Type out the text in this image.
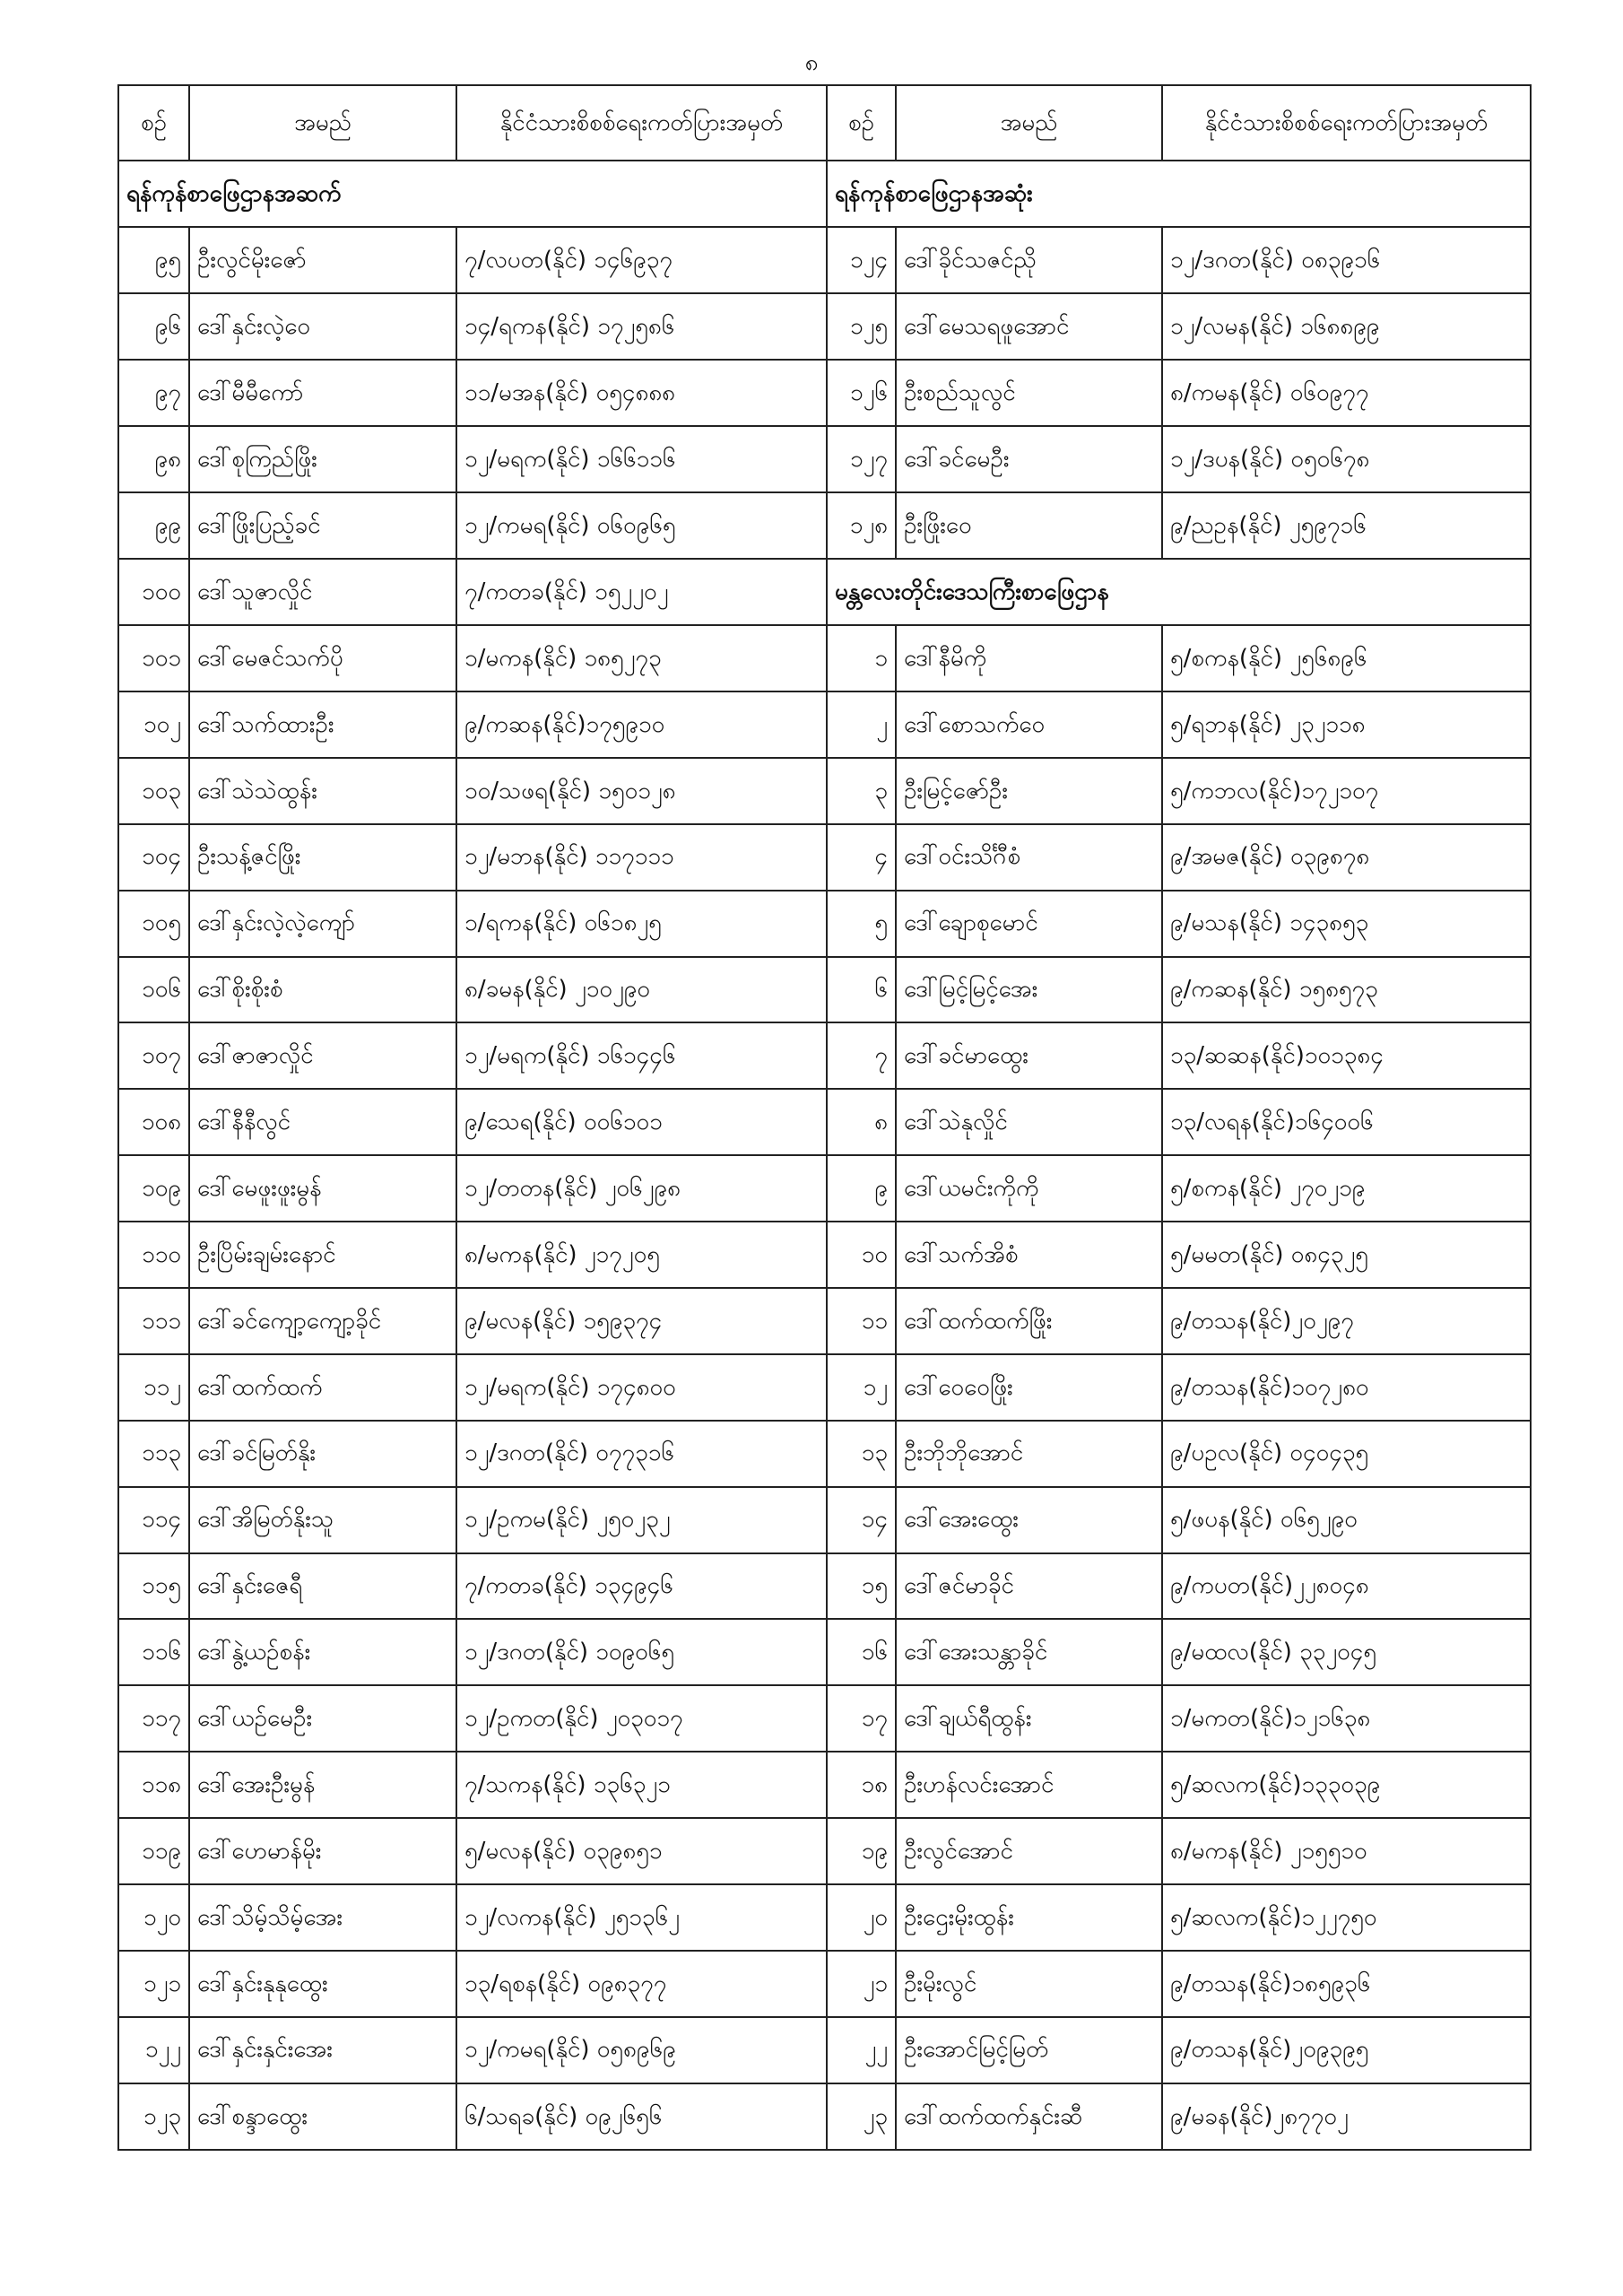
၈
စဉ်	အမည်	နိုင်ငံသားစိစစ်ရေးကတ်ပြားအမှတ်	စဉ်	အမည်	နိုင်ငံသားစိစစ်ရေးကတ်ပြားအမှတ်
ရန်ကုန်စာဖြေဌာနအဆက်			ရန်ကုန်စာဖြေဌာနအဆုံး		
၉၅	ဦးလွင်မိုးဇော်	၇/လပတ(နိုင်) ၁၄၆၉၃၇	၁၂၄	ဒေါ်ခိုင်သဇင်ညို	၁၂/ဒဂတ(နိုင်) ၀၈၃၉၁၆
၉၆	ဒေါ်နှင်းလဲ့ဝေ	၁၄/ရကန(နိုင်) ၁၇၂၅၈၆	၁၂၅	ဒေါ်မေသရဖူအောင်	၁၂/လမန(နိုင်) ၁၆၈၈၉၉
၉၇	ဒေါ်မီမီကော်	၁၁/မအန(နိုင်) ၀၅၄၈၈၈	၁၂၆	ဦးစည်သူလွင်	၈/ကမန(နိုင်) ၀၆၀၉၇၇
၉၈	ဒေါ်စုကြည်ဖြိုး	၁၂/မရက(နိုင်) ၁၆၆၁၁၆	၁၂၇	ဒေါ်ခင်မေဦး	၁၂/ဒပန(နိုင်) ၀၅၀၆၇၈
၉၉	ဒေါ်ဖြိုးပြည့်ခင်	၁၂/ကမရ(နိုင်) ၀၆၀၉၆၅	၁၂၈	ဦးဖြိုးဝေ	၉/ညဥန(နိုင်) ၂၅၉၇၁၆
၁၀၀	ဒေါ်သူဇာလှိုင်	၇/ကတခ(နိုင်) ၁၅၂၂၀၂	မန္တလေးတိုင်းဒေသကြီးစာဖြေဌာန		
၁၀၁	ဒေါ်မေဇင်သက်ပို	၁/မကန(နိုင်) ၁၈၅၂၇၃	၁	ဒေါ်နီမိကို	၅/စကန(နိုင်) ၂၅၆၈၉၆
၁၀၂	ဒေါ်သက်ထားဦး	၉/ကဆန(နိုင်)၁၇၅၉၁၀	၂	ဒေါ်စောသက်ဝေ	၅/ရဘန(နိုင်) ၂၃၂၁၁၈
၁၀၃	ဒေါ်သဲသဲထွန်း	၁၀/သဖရ(နိုင်) ၁၅၀၁၂၈	၃	ဦးမြင့်ဇော်ဦး	၅/ကဘလ(နိုင်)၁၇၂၁၀၇
၁၀၄	ဦးသန့်ဇင်ဖြိုး	၁၂/မဘန(နိုင်) ၁၁၇၁၁၁	၄	ဒေါ်ဝင်းသိင်္ဂီစံ	၉/အမဇ(နိုင်) ၀၃၉၈၇၈
၁၀၅	ဒေါ်နှင်းလဲ့လဲ့ကျော်	၁/ရကန(နိုင်) ၀၆၁၈၂၅	၅	ဒေါ်ချောစုမောင်	၉/မသန(နိုင်) ၁၄၃၈၅၃
၁၀၆	ဒေါ်စိုးစိုးစံ	၈/ခမန(နိုင်) ၂၁၀၂၉၀	၆	ဒေါ်မြင့်မြင့်အေး	၉/ကဆန(နိုင်) ၁၅၈၅၇၃
၁၀၇	ဒေါ်ဇာဇာလှိုင်	၁၂/မရက(နိုင်) ၁၆၁၄၄၆	၇	ဒေါ်ခင်မာထွေး	၁၃/ဆဆန(နိုင်)၁၀၁၃၈၄
၁၀၈	ဒေါ်နီနီလွင်	၉/သေရ(နိုင်) ၀၀၆၁၀၁	၈	ဒေါ်သဲနုလှိုင်	၁၃/လရန(နိုင်)၁၆၄၀၀၆
၁၀၉	ဒေါ်မေဖူးဖူးမွန်	၁၂/တတန(နိုင်) ၂၀၆၂၉၈	၉	ဒေါ်ယမင်းကိုကို	၅/စကန(နိုင်) ၂၇၀၂၁၉
၁၁၀	ဦးပြိမ်းချမ်းနောင်	၈/မကန(နိုင်) ၂၁၇၂၀၅	၁၀	ဒေါ်သက်အိစံ	၅/မမတ(နိုင်) ၀၈၄၃၂၅
၁၁၁	ဒေါ်ခင်ကျော့ကျော့ခိုင်	၉/မလန(နိုင်) ၁၅၉၃၇၄	၁၁	ဒေါ်ထက်ထက်ဖြိုး	၉/တသန(နိုင်)၂၀၂၉၇
၁၁၂	ဒေါ်ထက်ထက်	၁၂/မရက(နိုင်) ၁၇၄၈၀၀	၁၂	ဒေါ်ဝေဝေဖြိုး	၉/တသန(နိုင်)၁၀၇၂၈၀
၁၁၃	ဒေါ်ခင်မြတ်နိုး	၁၂/ဒဂတ(နိုင်) ၀၇၇၃၁၆	၁၃	ဦးဘိုဘိုအောင်	၉/ပဥလ(နိုင်) ၀၄၀၄၃၅
၁၁၄	ဒေါ်အိမြတ်နိုးသူ	၁၂/ဥကမ(နိုင်) ၂၅၀၂၃၂	၁၄	ဒေါ်အေးထွေး	၅/ဖပန(နိုင်) ၀၆၅၂၉၀
၁၁၅	ဒေါ်နှင်းဇေရီ	၇/ကတခ(နိုင်) ၁၃၄၉၄၆	၁၅	ဒေါ်ဇင်မာခိုင်	၉/ကပတ(နိုင်)၂၂၈၀၄၈
၁၁၆	ဒေါ်နွဲ့ယဉ်စန်း	၁၂/ဒဂတ(နိုင်) ၁၀၉၀၆၅	၁၆	ဒေါ်အေးသန္တာခိုင်	၉/မထလ(နိုင်) ၃၃၂၀၄၅
၁၁၇	ဒေါ်ယဉ်မေဦး	၁၂/ဥကတ(နိုင်) ၂၀၃၀၁၇	၁၇	ဒေါ်ချယ်ရီထွန်း	၁/မကတ(နိုင်)၁၂၁၆၃၈
၁၁၈	ဒေါ်အေးဦးမွန်	၇/သကန(နိုင်) ၁၃၆၃၂၁	၁၈	ဦးဟန်လင်းအောင်	၅/ဆလက(နိုင်)၁၃၃၀၃၉
၁၁၉	ဒေါ်ဟေမာန်မိုး	၅/မလန(နိုင်) ၀၃၉၈၅၁	၁၉	ဦးလွင်အောင်	၈/မကန(နိုင်) ၂၁၅၅၁၀
၁၂၀	ဒေါ်သိမ့်သိမ့်အေး	၁၂/လကန(နိုင်) ၂၅၁၃၆၂	၂၀	ဦးဌေးမိုးထွန်း	၅/ဆလက(နိုင်)၁၂၂၇၅၀
၁၂၁	ဒေါ်နှင်းနုနုထွေး	၁၃/ရစန(နိုင်) ၀၉၈၃၇၇	၂၁	ဦးမိုးလွင်	၉/တသန(နိုင်)၁၈၅၉၃၆
၁၂၂	ဒေါ်နှင်းနှင်းအေး	၁၂/ကမရ(နိုင်) ၀၅၈၉၆၉	၂၂	ဦးအောင်မြင့်မြတ်	၉/တသန(နိုင်)၂၀၉၃၉၅
၁၂၃	ဒေါ်စန္ဒာထွေး	၆/သရခ(နိုင်) ၀၉၂၆၅၆	၂၃	ဒေါ်ထက်ထက်နှင်းဆီ	၉/မခန(နိုင်)၂၈၇၇၀၂
